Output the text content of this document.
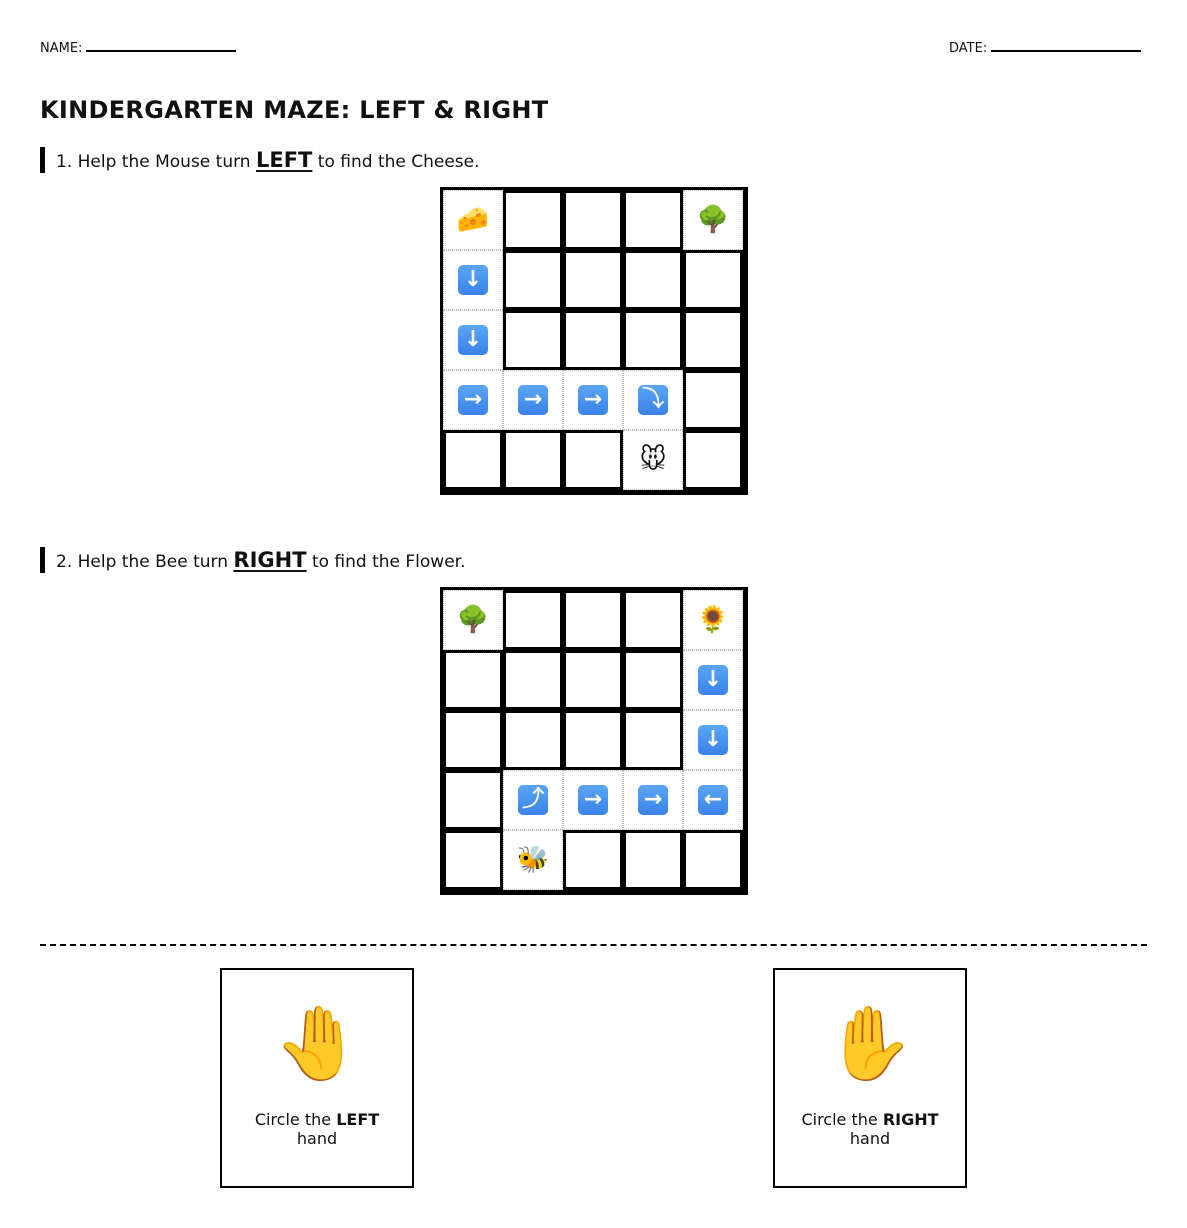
NAME:	DATE:
KINDERGARTEN MAZE: LEFT & RIGHT
1. Help the Mouse turn LEFT to find the Cheese.
🧀	🌳
↓
↓
→ → → ⤵
🐭
2. Help the Bee turn RIGHT to find the Flower.
🌳	🌻
↓
↓
⤴ → → ←
🐝
✋
Circle the LEFT
hand
✋
Circle the RIGHT
hand
